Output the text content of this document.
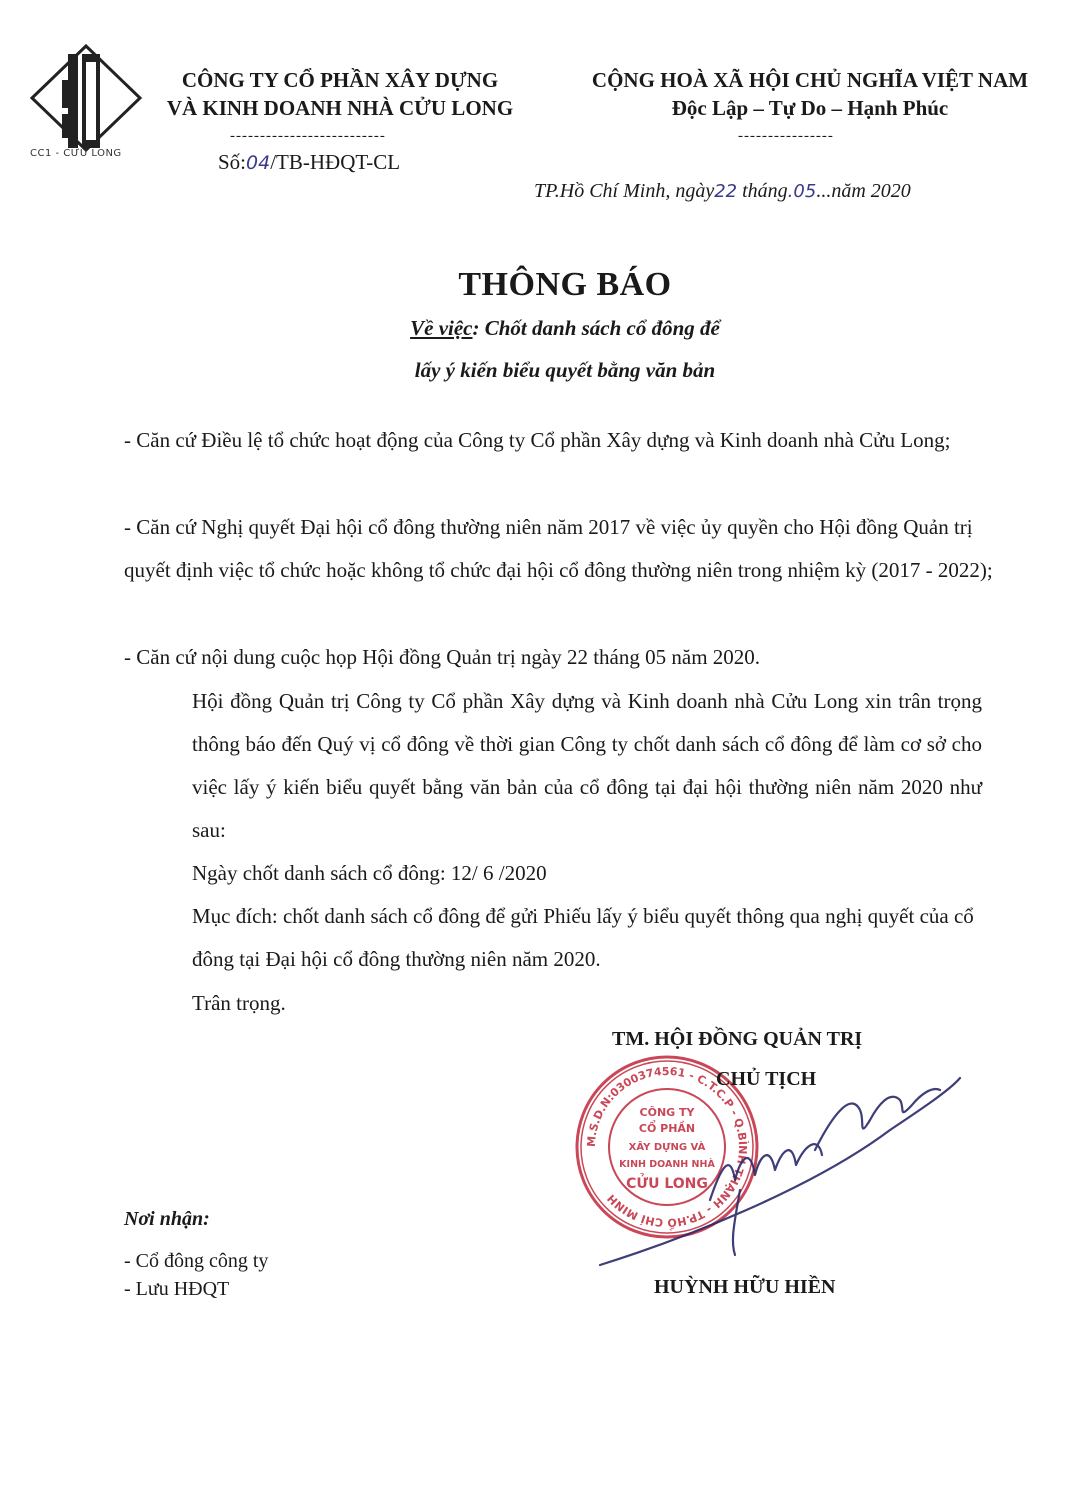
CC1 - CỬU LONG
CÔNG TY CỔ PHẦN XÂY DỰNG
VÀ KINH DOANH NHÀ CỬU LONG
--------------------------
Số:04/TB-HĐQT-CL
CỘNG HOÀ XÃ HỘI CHỦ NGHĨA VIỆT NAM
Độc Lập – Tự Do – Hạnh Phúc
----------------
TP.Hồ Chí Minh, ngày22 tháng.05...năm 2020
THÔNG BÁO
Về việc: Chốt danh sách cổ đông để
lấy ý kiến biểu quyết bằng văn bản
- Căn cứ Điều lệ tổ chức hoạt động của Công ty Cổ phần Xây dựng và Kinh doanh nhà Cửu Long;
- Căn cứ Nghị quyết Đại hội cổ đông thường niên năm 2017 về việc ủy quyền cho Hội đồng Quản trị quyết định việc tổ chức hoặc không tổ chức đại hội cổ đông thường niên trong nhiệm kỳ (2017 - 2022);
- Căn cứ nội dung cuộc họp Hội đồng Quản trị ngày 22 tháng 05 năm 2020.
Hội đồng Quản trị Công ty Cổ phần Xây dựng và Kinh doanh nhà Cửu Long xin trân trọng thông báo đến Quý vị cổ đông về thời gian Công ty chốt danh sách cổ đông để làm cơ sở cho việc lấy ý kiến biểu quyết bằng văn bản của cổ đông tại đại hội thường niên năm 2020 như sau:
Ngày chốt danh sách cổ đông: 12/ 6 /2020
Mục đích: chốt danh sách cổ đông để gửi Phiếu lấy ý biểu quyết thông qua nghị quyết của cổ đông tại Đại hội cổ đông thường niên năm 2020.
Trân trọng.
M.S.D.N:0300374561 - C.T.C.P - Q.BÌNH THẠNH - TP.HỒ CHÍ MINH
CÔNG TY
CỔ PHẦN
XÂY DỰNG VÀ
KINH DOANH NHÀ
CỬU LONG
TM. HỘI ĐỒNG QUẢN TRỊ
CHỦ TỊCH
HUỲNH HỮU HIỀN
Nơi nhận:
- Cổ đông công ty
- Lưu HĐQT
